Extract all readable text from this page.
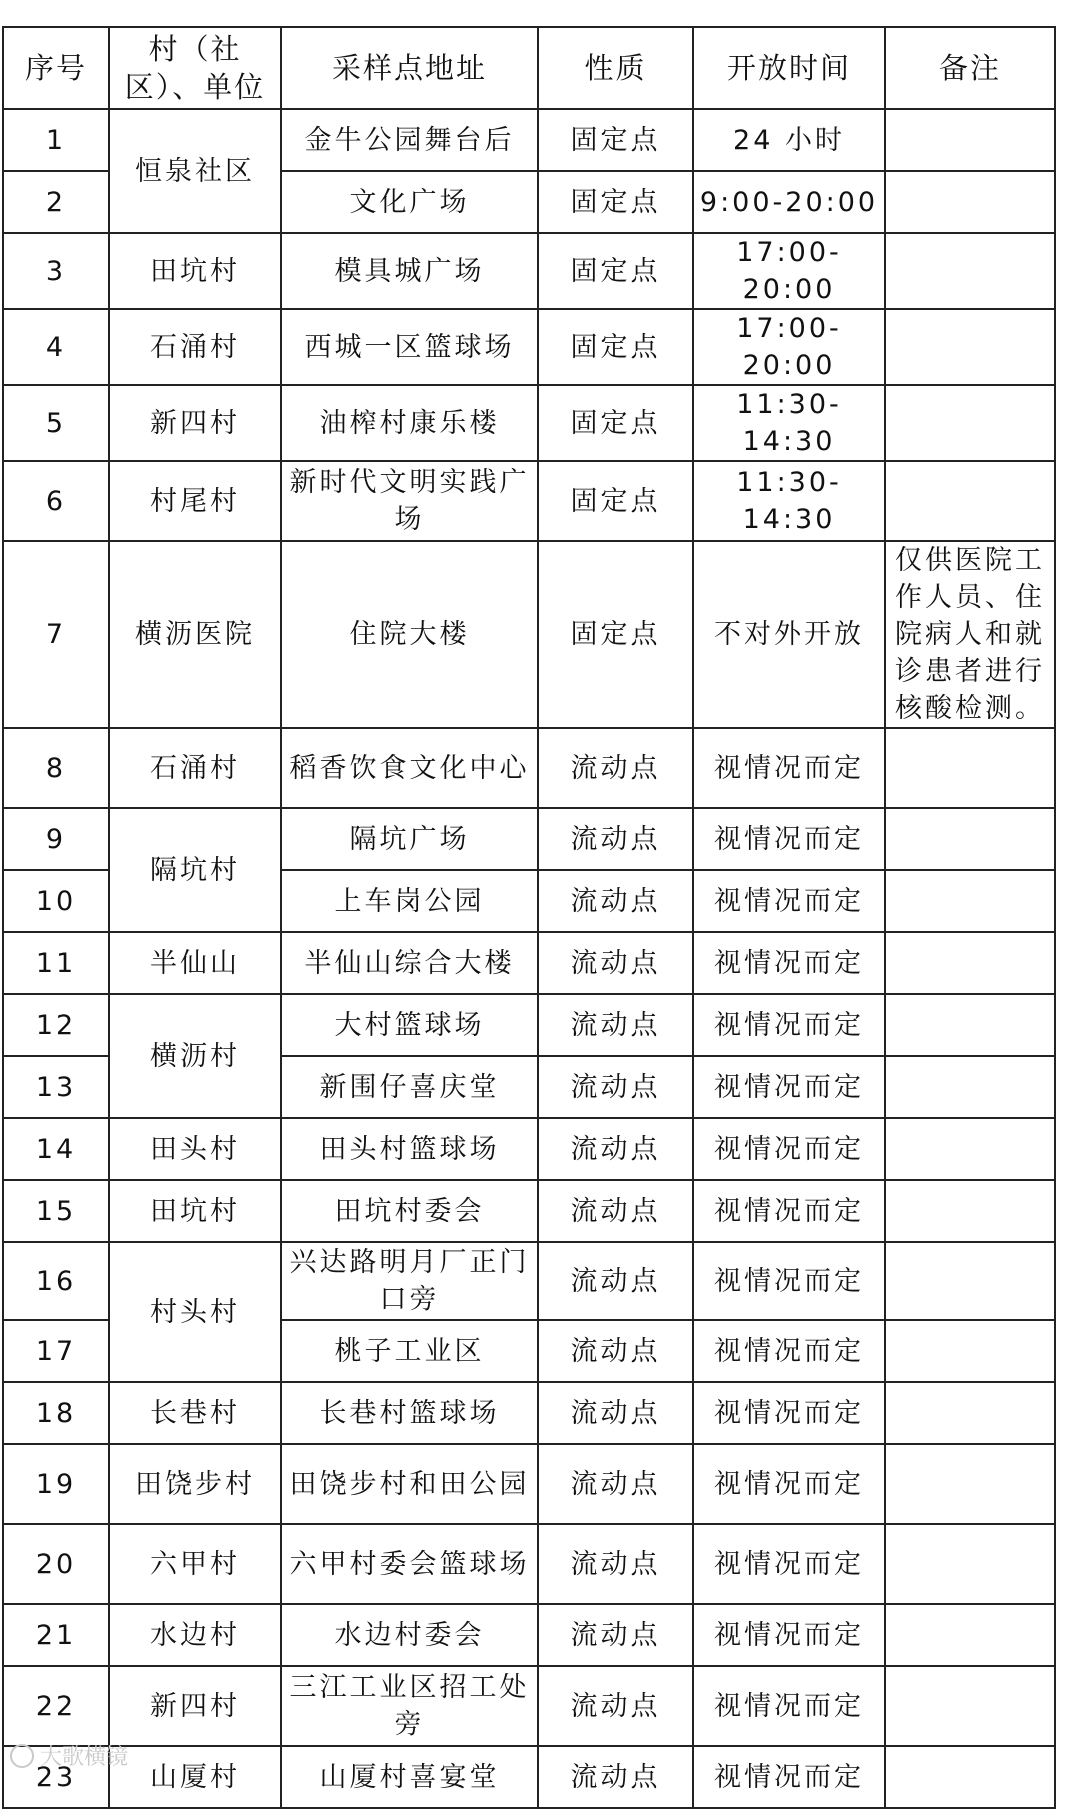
序号	村（社区）、单位	采样点地址	性质	开放时间	备注
1	恒泉社区	金牛公园舞台后	固定点	24 小时	
2		文化广场	固定点	9:00-20:00	
3	田坑村	模具城广场	固定点	17:00-20:00	
4	石涌村	西城一区篮球场	固定点	17:00-20:00	
5	新四村	油榨村康乐楼	固定点	11:30-14:30	
6	村尾村	新时代文明实践广场	固定点	11:30-14:30	
7	横沥医院	住院大楼	固定点	不对外开放	仅供医院工作人员、住院病人和就诊患者进行核酸检测。
8	石涌村	稻香饮食文化中心	流动点	视情况而定	
9	隔坑村	隔坑广场	流动点	视情况而定	
10		上车岗公园	流动点	视情况而定	
11	半仙山	半仙山综合大楼	流动点	视情况而定	
12	横沥村	大村篮球场	流动点	视情况而定	
13		新围仔喜庆堂	流动点	视情况而定	
14	田头村	田头村篮球场	流动点	视情况而定	
15	田坑村	田坑村委会	流动点	视情况而定	
16	村头村	兴达路明月厂正门口旁	流动点	视情况而定	
17		桃子工业区	流动点	视情况而定	
18	长巷村	长巷村篮球场	流动点	视情况而定	
19	田饶步村	田饶步村和田公园	流动点	视情况而定	
20	六甲村	六甲村委会篮球场	流动点	视情况而定	
21	水边村	水边村委会	流动点	视情况而定	
22	新四村	三江工业区招工处旁	流动点	视情况而定	
23	山厦村	山厦村喜宴堂	流动点	视情况而定	
大歌横镜
